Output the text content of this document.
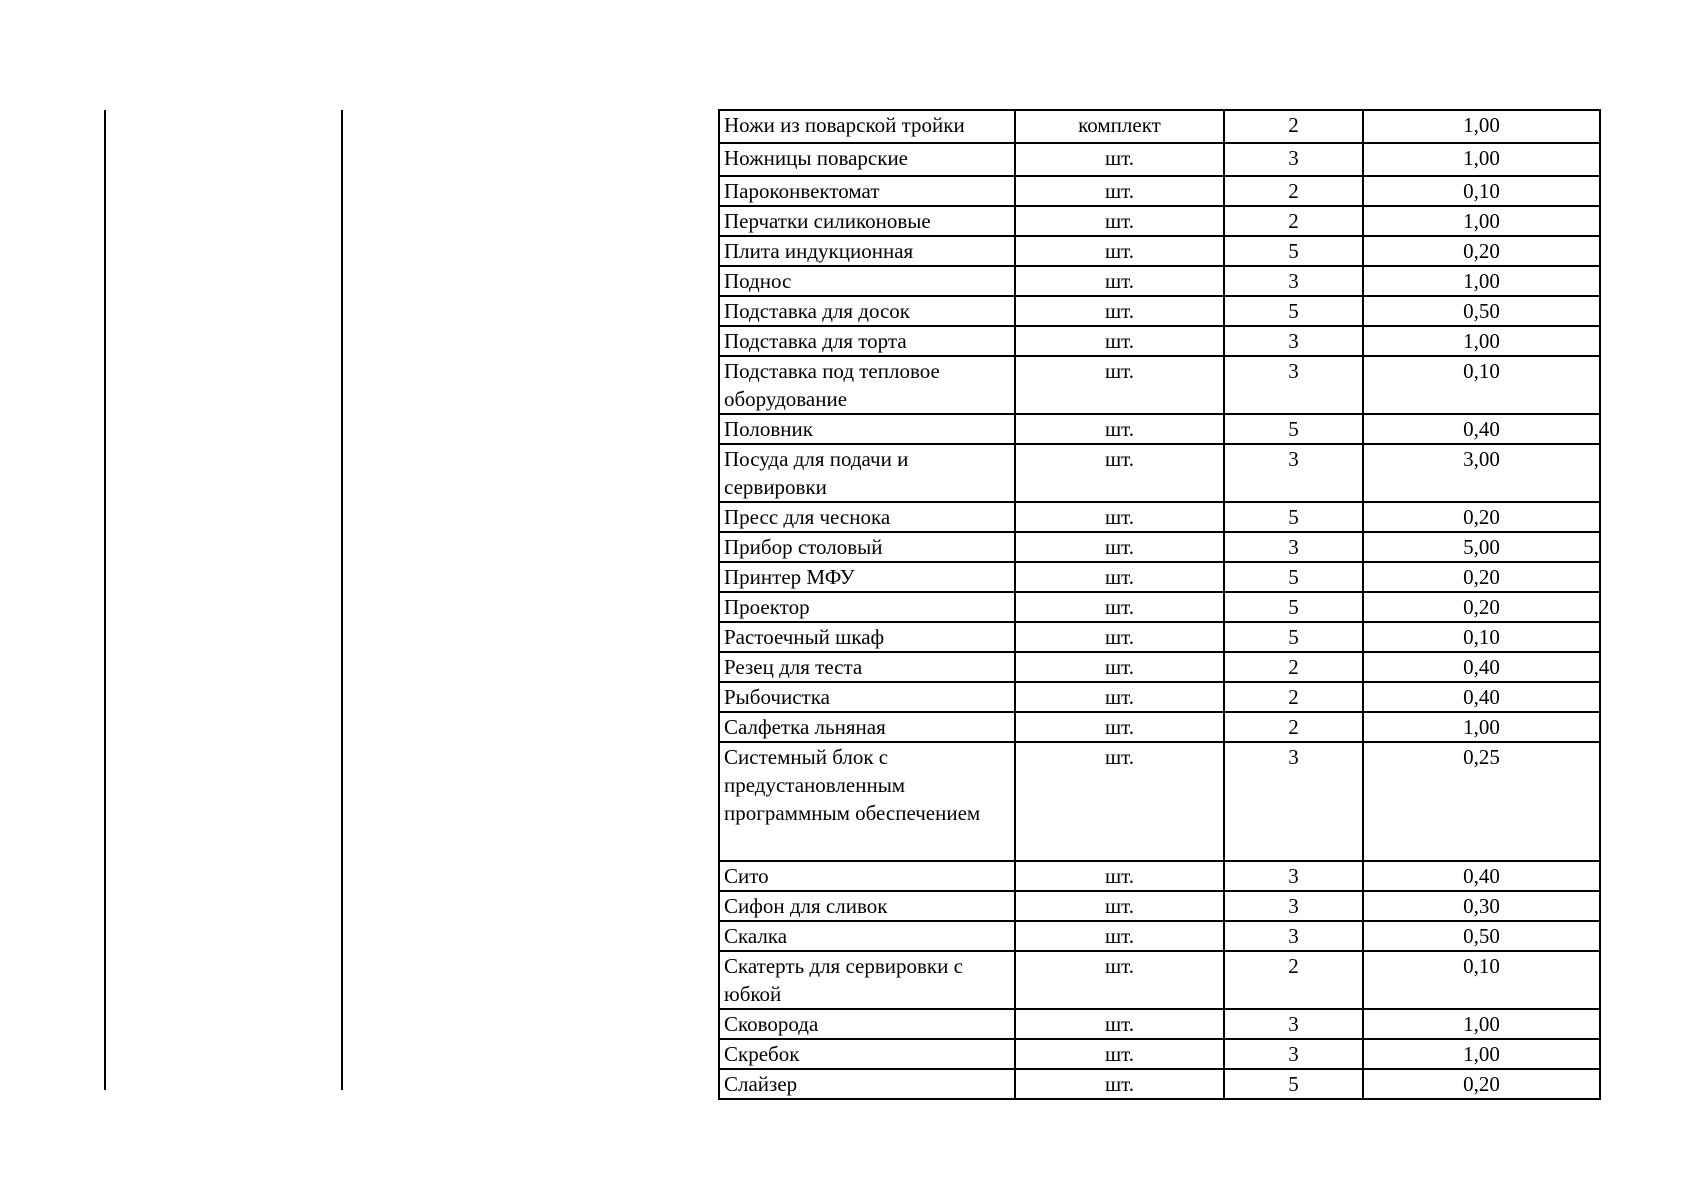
Ножи из поварской тройки	комплект	2	1,00
Ножницы поварские	шт.	3	1,00
Пароконвектомат	шт.	2	0,10
Перчатки силиконовые	шт.	2	1,00
Плита индукционная	шт.	5	0,20
Поднос	шт.	3	1,00
Подставка для досок	шт.	5	0,50
Подставка для торта	шт.	3	1,00
Подставка под тепловое оборудование	шт.	3	0,10
Половник	шт.	5	0,40
Посуда для подачи и сервировки	шт.	3	3,00
Пресс для чеснока	шт.	5	0,20
Прибор столовый	шт.	3	5,00
Принтер МФУ	шт.	5	0,20
Проектор	шт.	5	0,20
Растоечный шкаф	шт.	5	0,10
Резец для теста	шт.	2	0,40
Рыбочистка	шт.	2	0,40
Салфетка льняная	шт.	2	1,00
Системный блок с предустановленным программным обеспечением	шт.	3	0,25
Сито	шт.	3	0,40
Сифон для сливок	шт.	3	0,30
Скалка	шт.	3	0,50
Скатерть для сервировки с юбкой	шт.	2	0,10
Сковорода	шт.	3	1,00
Скребок	шт.	3	1,00
Слайзер	шт.	5	0,20
